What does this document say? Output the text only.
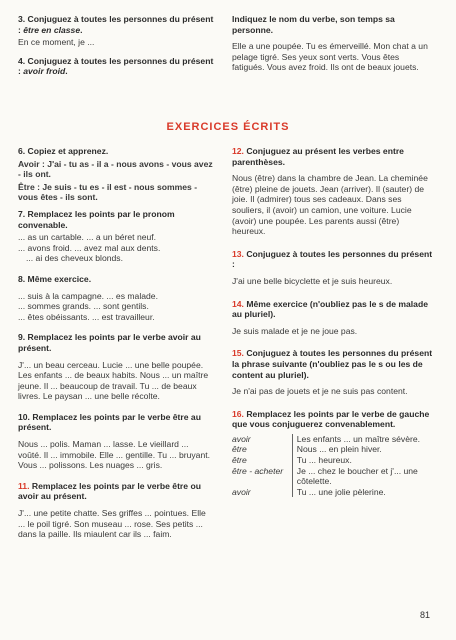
3. Conjuguez à toutes les personnes du présent : être en classe.
En ce moment, je ...
4. Conjuguez à toutes les personnes du présent : avoir froid.
Indiquez le nom du verbe, son temps sa personne.
Elle a une poupée. Tu es émerveillé. Mon chat a un pelage tigré. Ses yeux sont verts. Vous êtes fatigués. Vous avez froid. Ils ont de beaux jouets.
EXERCICES ÉCRITS
6. Copiez et apprenez.
Avoir : J'ai - tu as - il a - nous avons - vous avez - ils ont.
Être : Je suis - tu es - il est - nous sommes - vous êtes - ils sont.
7. Remplacez les points par le pronom convenable.
... as un cartable. ... a un béret neuf.
... avons froid. ... avez mal aux dents.
... ai des cheveux blonds.
8. Même exercice.
... suis à la campagne. ... es malade.
... sommes grands. ... sont gentils.
... êtes obéissants. ... est travailleur.
9. Remplacez les points par le verbe avoir au présent.
J'... un beau cerceau. Lucie ... une belle poupée. Les enfants ... de beaux habits. Nous ... un maître jeune. Il ... beaucoup de travail. Tu ... de beaux livres. Le paysan ... une belle récolte.
10. Remplacez les points par le verbe être au présent.
Nous ... polis. Maman ... lasse. Le vieillard ... voûté. Il ... immobile. Elle ... gentille. Tu ... bruyant. Vous ... polissons. Les nuages ... gris.
11. Remplacez les points par le verbe être ou avoir au présent.
J'... une petite chatte. Ses griffes ... pointues. Elle ... le poil tigré. Son museau ... rose. Ses petits ... dans la paille. Ils miaulent car ils ... faim.
12. Conjuguez au présent les verbes entre parenthèses.
Nous (être) dans la chambre de Jean. La cheminée (être) pleine de jouets. Jean (arriver). Il (sauter) de joie. Il (admirer) tous ses cadeaux. Dans ses souliers, il (avoir) un camion, une voiture. Lucie (avoir) une poupée. Les parents aussi (être) heureux.
13. Conjuguez à toutes les personnes du présent :
J'ai une belle bicyclette et je suis heureux.
14. Même exercice (n'oubliez pas le s de malade au pluriel).
Je suis malade et je ne joue pas.
15. Conjuguez à toutes les personnes du présent la phrase suivante (n'oubliez pas le s ou les de content au pluriel).
Je n'ai pas de jouets et je ne suis pas content.
16. Remplacez les points par le verbe de gauche que vous conjuguerez convenablement.
avoir	Les enfants ... un maître sévère.
être	Nous ... en plein hiver.
être	Tu ... heureux.
être - acheter	Je ... chez le boucher et j'... une côtelette.
avoir	Tu ... une jolie pèlerine.
81
